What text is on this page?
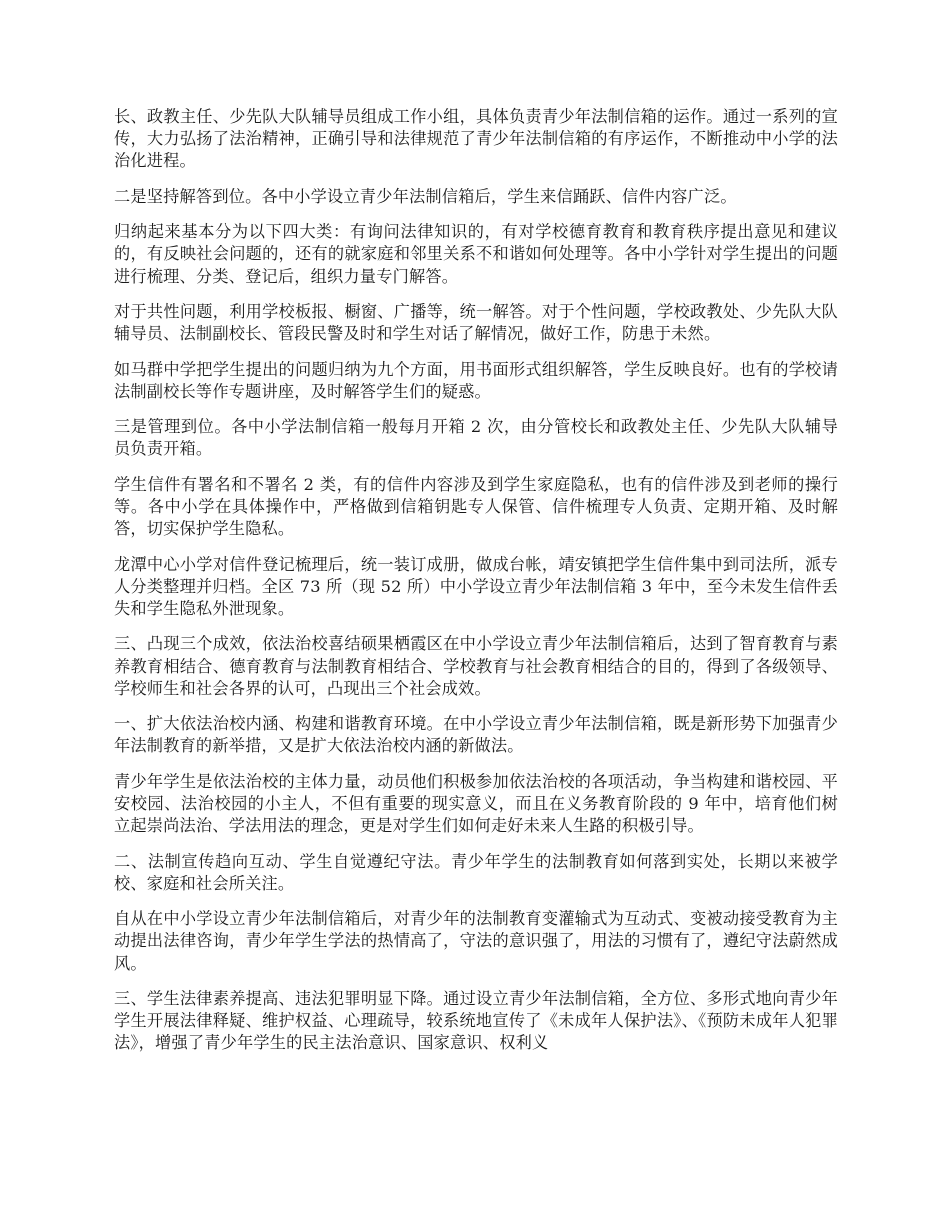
长、政教主任、少先队大队辅导员组成工作小组，具体负责青少年法制信箱的运作。通过一系列的宣传，大力弘扬了法治精神，正确引导和法律规范了青少年法制信箱的有序运作，不断推动中小学的法治化进程。

二是坚持解答到位。各中小学设立青少年法制信箱后，学生来信踊跃、信件内容广泛。

归纳起来基本分为以下四大类：有询问法律知识的，有对学校德育教育和教育秩序提出意见和建议的，有反映社会问题的，还有的就家庭和邻里关系不和谐如何处理等。各中小学针对学生提出的问题进行梳理、分类、登记后，组织力量专门解答。

对于共性问题，利用学校板报、橱窗、广播等，统一解答。对于个性问题，学校政教处、少先队大队辅导员、法制副校长、管段民警及时和学生对话了解情况，做好工作，防患于未然。

如马群中学把学生提出的问题归纳为九个方面，用书面形式组织解答，学生反映良好。也有的学校请法制副校长等作专题讲座，及时解答学生们的疑惑。

三是管理到位。各中小学法制信箱一般每月开箱 2 次，由分管校长和政教处主任、少先队大队辅导员负责开箱。

学生信件有署名和不署名 2 类，有的信件内容涉及到学生家庭隐私，也有的信件涉及到老师的操行等。各中小学在具体操作中，严格做到信箱钥匙专人保管、信件梳理专人负责、定期开箱、及时解答，切实保护学生隐私。

龙潭中心小学对信件登记梳理后，统一装订成册，做成台帐，靖安镇把学生信件集中到司法所，派专人分类整理并归档。全区 73 所（现 52 所）中小学设立青少年法制信箱 3 年中，至今未发生信件丢失和学生隐私外泄现象。

三、凸现三个成效，依法治校喜结硕果栖霞区在中小学设立青少年法制信箱后，达到了智育教育与素养教育相结合、德育教育与法制教育相结合、学校教育与社会教育相结合的目的，得到了各级领导、学校师生和社会各界的认可，凸现出三个社会成效。

一、扩大依法治校内涵、构建和谐教育环境。在中小学设立青少年法制信箱，既是新形势下加强青少年法制教育的新举措，又是扩大依法治校内涵的新做法。

青少年学生是依法治校的主体力量，动员他们积极参加依法治校的各项活动，争当构建和谐校园、平安校园、法治校园的小主人，不但有重要的现实意义，而且在义务教育阶段的 9 年中，培育他们树立起崇尚法治、学法用法的理念，更是对学生们如何走好未来人生路的积极引导。

二、法制宣传趋向互动、学生自觉遵纪守法。青少年学生的法制教育如何落到实处，长期以来被学校、家庭和社会所关注。

自从在中小学设立青少年法制信箱后，对青少年的法制教育变灌输式为互动式、变被动接受教育为主动提出法律咨询，青少年学生学法的热情高了，守法的意识强了，用法的习惯有了，遵纪守法蔚然成风。

三、学生法律素养提高、违法犯罪明显下降。通过设立青少年法制信箱，全方位、多形式地向青少年学生开展法律释疑、维护权益、心理疏导，较系统地宣传了《未成年人保护法》、《预防未成年人犯罪法》，增强了青少年学生的民主法治意识、国家意识、权利义
